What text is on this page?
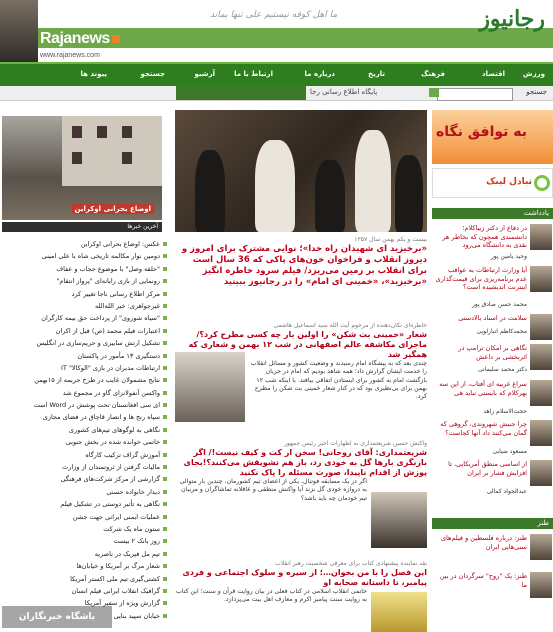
Rajanews
www.rajanews.com
ما اهل کوفه نیستیم علی تنها بماند	رجانیوز
ورزش
اقتصاد
فرهنگ
تاریخ
درباره ما
ارتباط با ما
آرشیو
جستجو
پیوند ها
جستجو
پایگاه اطلاع رسانی رجا
اوضاع بحرانی اوکراین
آخرین خبرها
عکس: اوضاع بحرانی اوکراین
دومین نوار مکالمه تاریخی شاه با علی امینی
"حلقه وصل" با موضوع حجاب و عفاف
رونمایی از بازی رایانه‌ای "پرواز انتقام"
مرکز اطلاع رسانی ناجا تغییر کرد
غیرجواهری: خبر الله‌الله
"سیاه شوروی" از پرداخت حق بیمه کارگران
اعتبارات فیلم محمد (ص) قبل از اکران
تشکیل ارتش سایبری و حریم‌سازی در انگلیس
دستگیری ۱۳ مأمور در پاکستان
ارتباطات مدیران در بازی "الوکالا" IT
نتایج مشمولان غایب در طرح جریمه از ۱۵بهمن
واکسن آنفولانزای گاو در مجموع شد
ای سی افغانستان تحت پوشش در Word است
سپاه رنج ها و انصار قاچاق در فضای مجازی
نگاهی به لوگوهای تیم‌های کشوری
خاتمی خوانده شده در بخش جنوبی
آموزش گراف ترکیب کارگاه
مالیات گرفتن از ثروتمندان از وزارت
گزارشی از مرکز شرکت‌های فرهنگی
دیدار خانواده حسنی
نگاهی به تأثیر دوستی در تشکیل فیلم
عملیات ایمنی ایرانی جهت جشن
ستون ماه یک شرکت
روز بانک ۲ بیست
تیم مل فیزیک در ناصریه
شعار مرگ بر آمریکا و خیابان‌ها
کشتی‌گیری تیم ملی اکستر آمریکا
گرافیک انقلاب ایرانی فیلم انسان
گزارش ویژه از سفیر آمریکا
خیابان سپید بنایی
بیست و یکم بهمن سال ۱۳۵۷
«برخیزید ای شهیدان راه خدا»؛ نوایی مشترک برای امروز و دیروز انقلاب و فراخوان خون‌های پاکی که 36 سال است برای انقلاب بر زمین می‌ریزد/ فیلم سرود خاطره انگیز «برخیزید»، «خمینی ای امام» را در رجانیوز ببینید
خاطره‌ای تکان‌دهنده از مرحوم آیت الله سید اسماعیل هاشمی
شعار «خمینی بت شکن» را اولین بار چه کسی مطرح کرد؟/ ماجرای مکاشفه عالم اصفهانی در شب ۱۲ بهمن و شعاری که همگیر شد
چندی بعد که به پیشگاه امام رسیدند و وضعیت کشور و مسائل انقلاب را خدمت ایشان گزارش داد؛ همه شاهد بودیم که امام در جریان بازگشت امام به کشور برای ایستادن اتفاقی بیافتد. با اینکه شب ۱۲ بهمن برای بی‌نظیری بود که در کنار شعار خمینی بت شکن را مطرح کرد.
واکنش حسین شریعتمداری به اظهارات اخیر رئیس جمهور
شریعتمداری: آقای روحانی! سخن از کت و کیف نیست!/ اگر بازنگری بارها گل به خودی زد، باز هم تشویقش می‌کنند؟!بجای پوزش از اقدام ناپیدا، صورت مسئله را پاک نکنید
اگر در یک مسابقه فوتبال، یکی از اعضای تیم کشورمان، چندین بار متوالی به دروازه خودی گل بزند آیا واکنش منطقی و عاقلانه تماشاگران و مربیان تیم خودمان چه باید باشد؟
نقد نماینده پیشنهادی کتاب برای معرفی شخصیت رهبر انقلاب
این فصل را با من بخوان…؛ از سیره و سلوک اجتماعی و فردی پیامبر، تا داستانه صحابه او
خاتمی انقلاب اسلامی در کتاب فعلی در بیان روایت قرآن و سنت؛ این کتاب به روایت سنت پیامبر اکرم و معارف اهل بیت می‌پردازد.
به توافق نگاه
تبادل لینک
یادداشت
در دفاع از دکتر زیباکلام؛ دانشمندی همچون که بخاطر هر نقدی به دانشگاه می‌رود
وحید یامین پور
آیا وزارت ارتباطات به عواقب عدم برنامه‌ریزی برای قیمت‌گذاری اینترنت اندیشیده است؟
محمد حسن صادق پور
سلامت در اسناد بالادستی
محمدکاظم انبارلویی
نگاهی بر امکان ترامپ در اثربخشی بر داعش
دکتر محمد سلیمانی
سراغ غریبه ای آفتاب، از این سه بهرکلام که بایستی نباید هی
حجت‌الاسلام زاهد
چرا جنبش شهروندی، گروهی که گمان می‌کنند داد آنها کجاست؟
مسعود ضیایی
از اساسی منطق آمریکایی، تا افزایش فشار بر ایران
عبدالجواد کمالی
طنز
طنز: درباره فلسطین و فیلم‌های سنی‌هایی ایران
طنز: یک "روح" سرگردان در بین ما
باشگاه خبرنگاران
